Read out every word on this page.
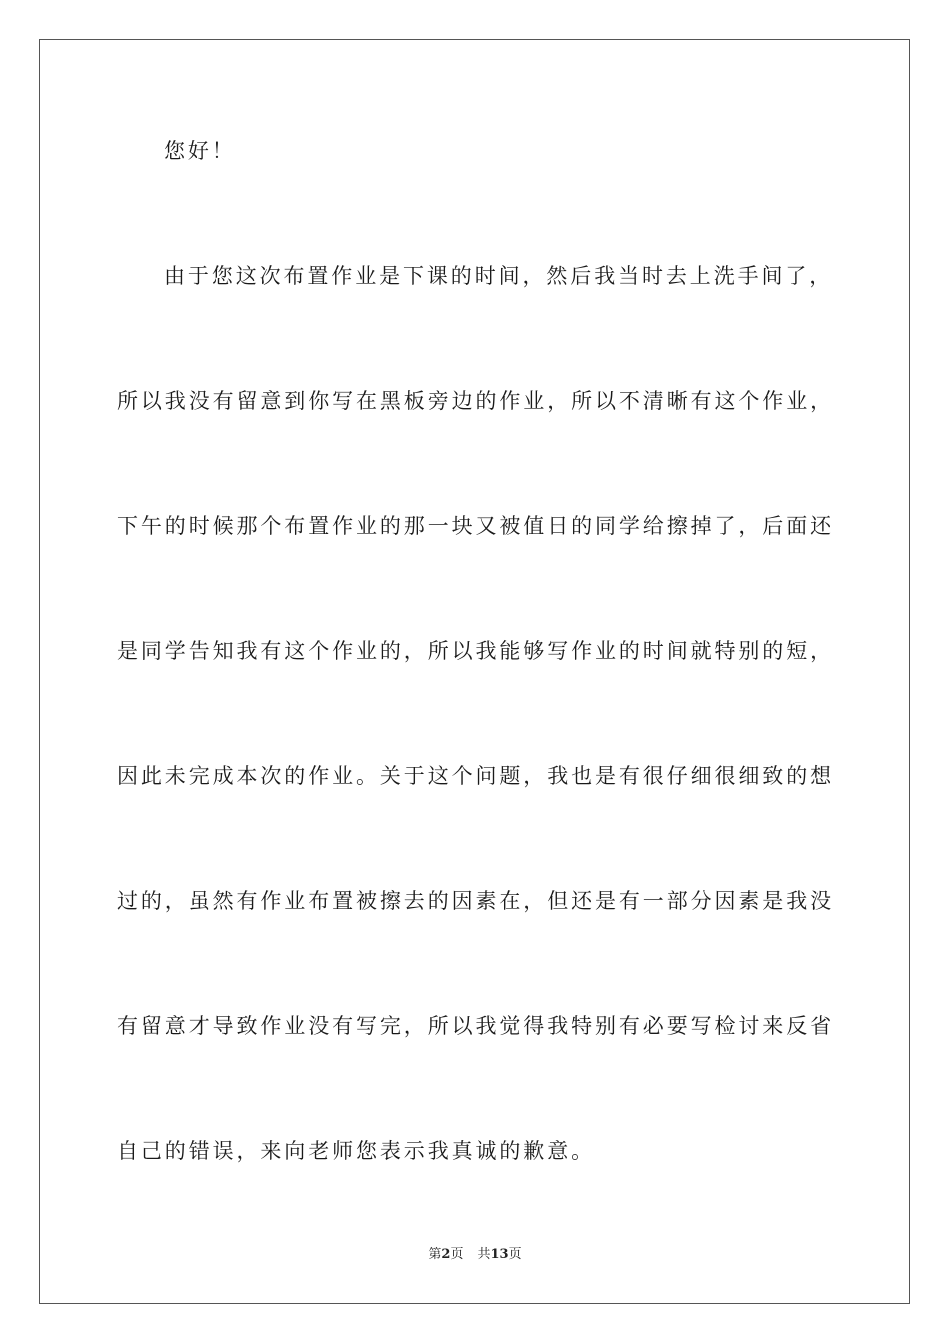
您好！

由于您这次布置作业是下课的时间，然后我当时去上洗手间了，

所以我没有留意到你写在黑板旁边的作业，所以不清晰有这个作业，

下午的时候那个布置作业的那一块又被值日的同学给擦掉了，后面还

是同学告知我有这个作业的，所以我能够写作业的时间就特别的短，

因此未完成本次的作业。关于这个问题，我也是有很仔细很细致的想

过的，虽然有作业布置被擦去的因素在，但还是有一部分因素是我没

有留意才导致作业没有写完，所以我觉得我特别有必要写检讨来反省

自己的错误，来向老师您表示我真诚的歉意。

第2页 共13页
